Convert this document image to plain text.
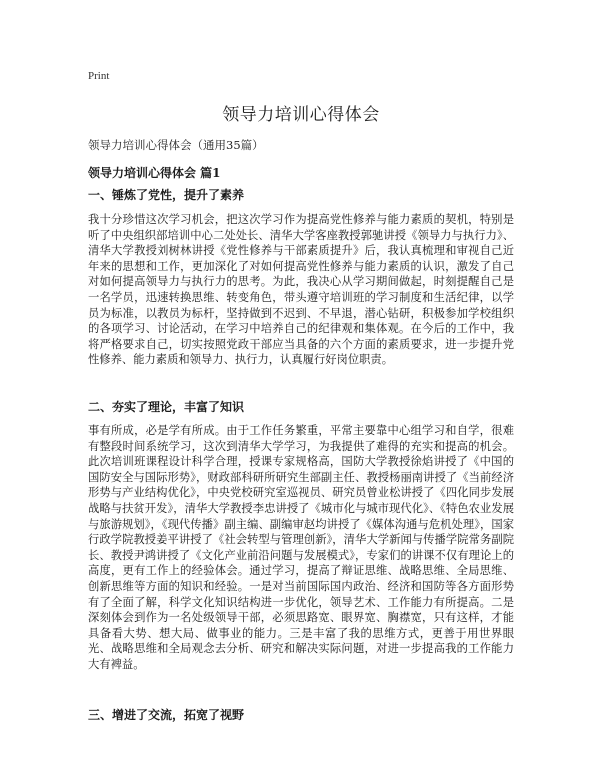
Print
领导力培训心得体会
领导力培训心得体会（通用35篇）
领导力培训心得体会 篇1
一、锤炼了党性，提升了素养

我十分珍惜这次学习机会，把这次学习作为提高党性修养与能力素质的契机，特别是听了中央组织部培训中心二处处长、清华大学客座教授郭驰讲授《领导力与执行力》、清华大学教授刘树林讲授《党性修养与干部素质提升》后，我认真梳理和审视自己近年来的思想和工作，更加深化了对如何提高党性修养与能力素质的认识，激发了自己对如何提高领导力与执行力的思考。为此，我决心从学习期间做起，时刻提醒自己是一名学员，迅速转换思维、转变角色，带头遵守培训班的学习制度和生活纪律，以学员为标准，以教员为标杆，坚持做到不迟到、不早退，潜心钻研，积极参加学校组织的各项学习、讨论活动，在学习中培养自己的纪律观和集体观。在今后的工作中，我将严格要求自己，切实按照党政干部应当具备的六个方面的素质要求，进一步提升党性修养、能力素质和领导力、执行力，认真履行好岗位职责。

二、夯实了理论，丰富了知识

事有所成，必是学有所成。由于工作任务繁重，平常主要靠中心组学习和自学，很难有整段时间系统学习，这次到清华大学学习，为我提供了难得的充实和提高的机会。此次培训班课程设计科学合理，授课专家规格高，国防大学教授徐焰讲授了《中国的国防安全与国际形势》，财政部科研所研究生部副主任、教授杨丽南讲授了《当前经济形势与产业结构优化》，中央党校研究室巡视员、研究员曾业松讲授了《四化同步发展战略与扶贫开发》，清华大学教授李忠讲授了《城市化与城市现代化》、《特色农业发展与旅游规划》，《现代传播》副主编、副编审赵均讲授了《媒体沟通与危机处理》，国家行政学院教授姜平讲授了《社会转型与管理创新》，清华大学新闻与传播学院常务副院长、教授尹鸿讲授了《文化产业前沿问题与发展模式》，专家们的讲课不仅有理论上的高度，更有工作上的经验体会。通过学习，提高了辩证思维、战略思维、全局思维、创新思维等方面的知识和经验。一是对当前国际国内政治、经济和国防等各方面形势有了全面了解，科学文化知识结构进一步优化，领导艺术、工作能力有所提高。二是深刻体会到作为一名处级领导干部，必须思路宽、眼界宽、胸襟宽，只有这样，才能具备看大势、想大局、做事业的能力。三是丰富了我的思维方式，更善于用世界眼光、战略思维和全局观念去分析、研究和解决实际问题，对进一步提高我的工作能力大有裨益。

三、增进了交流，拓宽了视野
